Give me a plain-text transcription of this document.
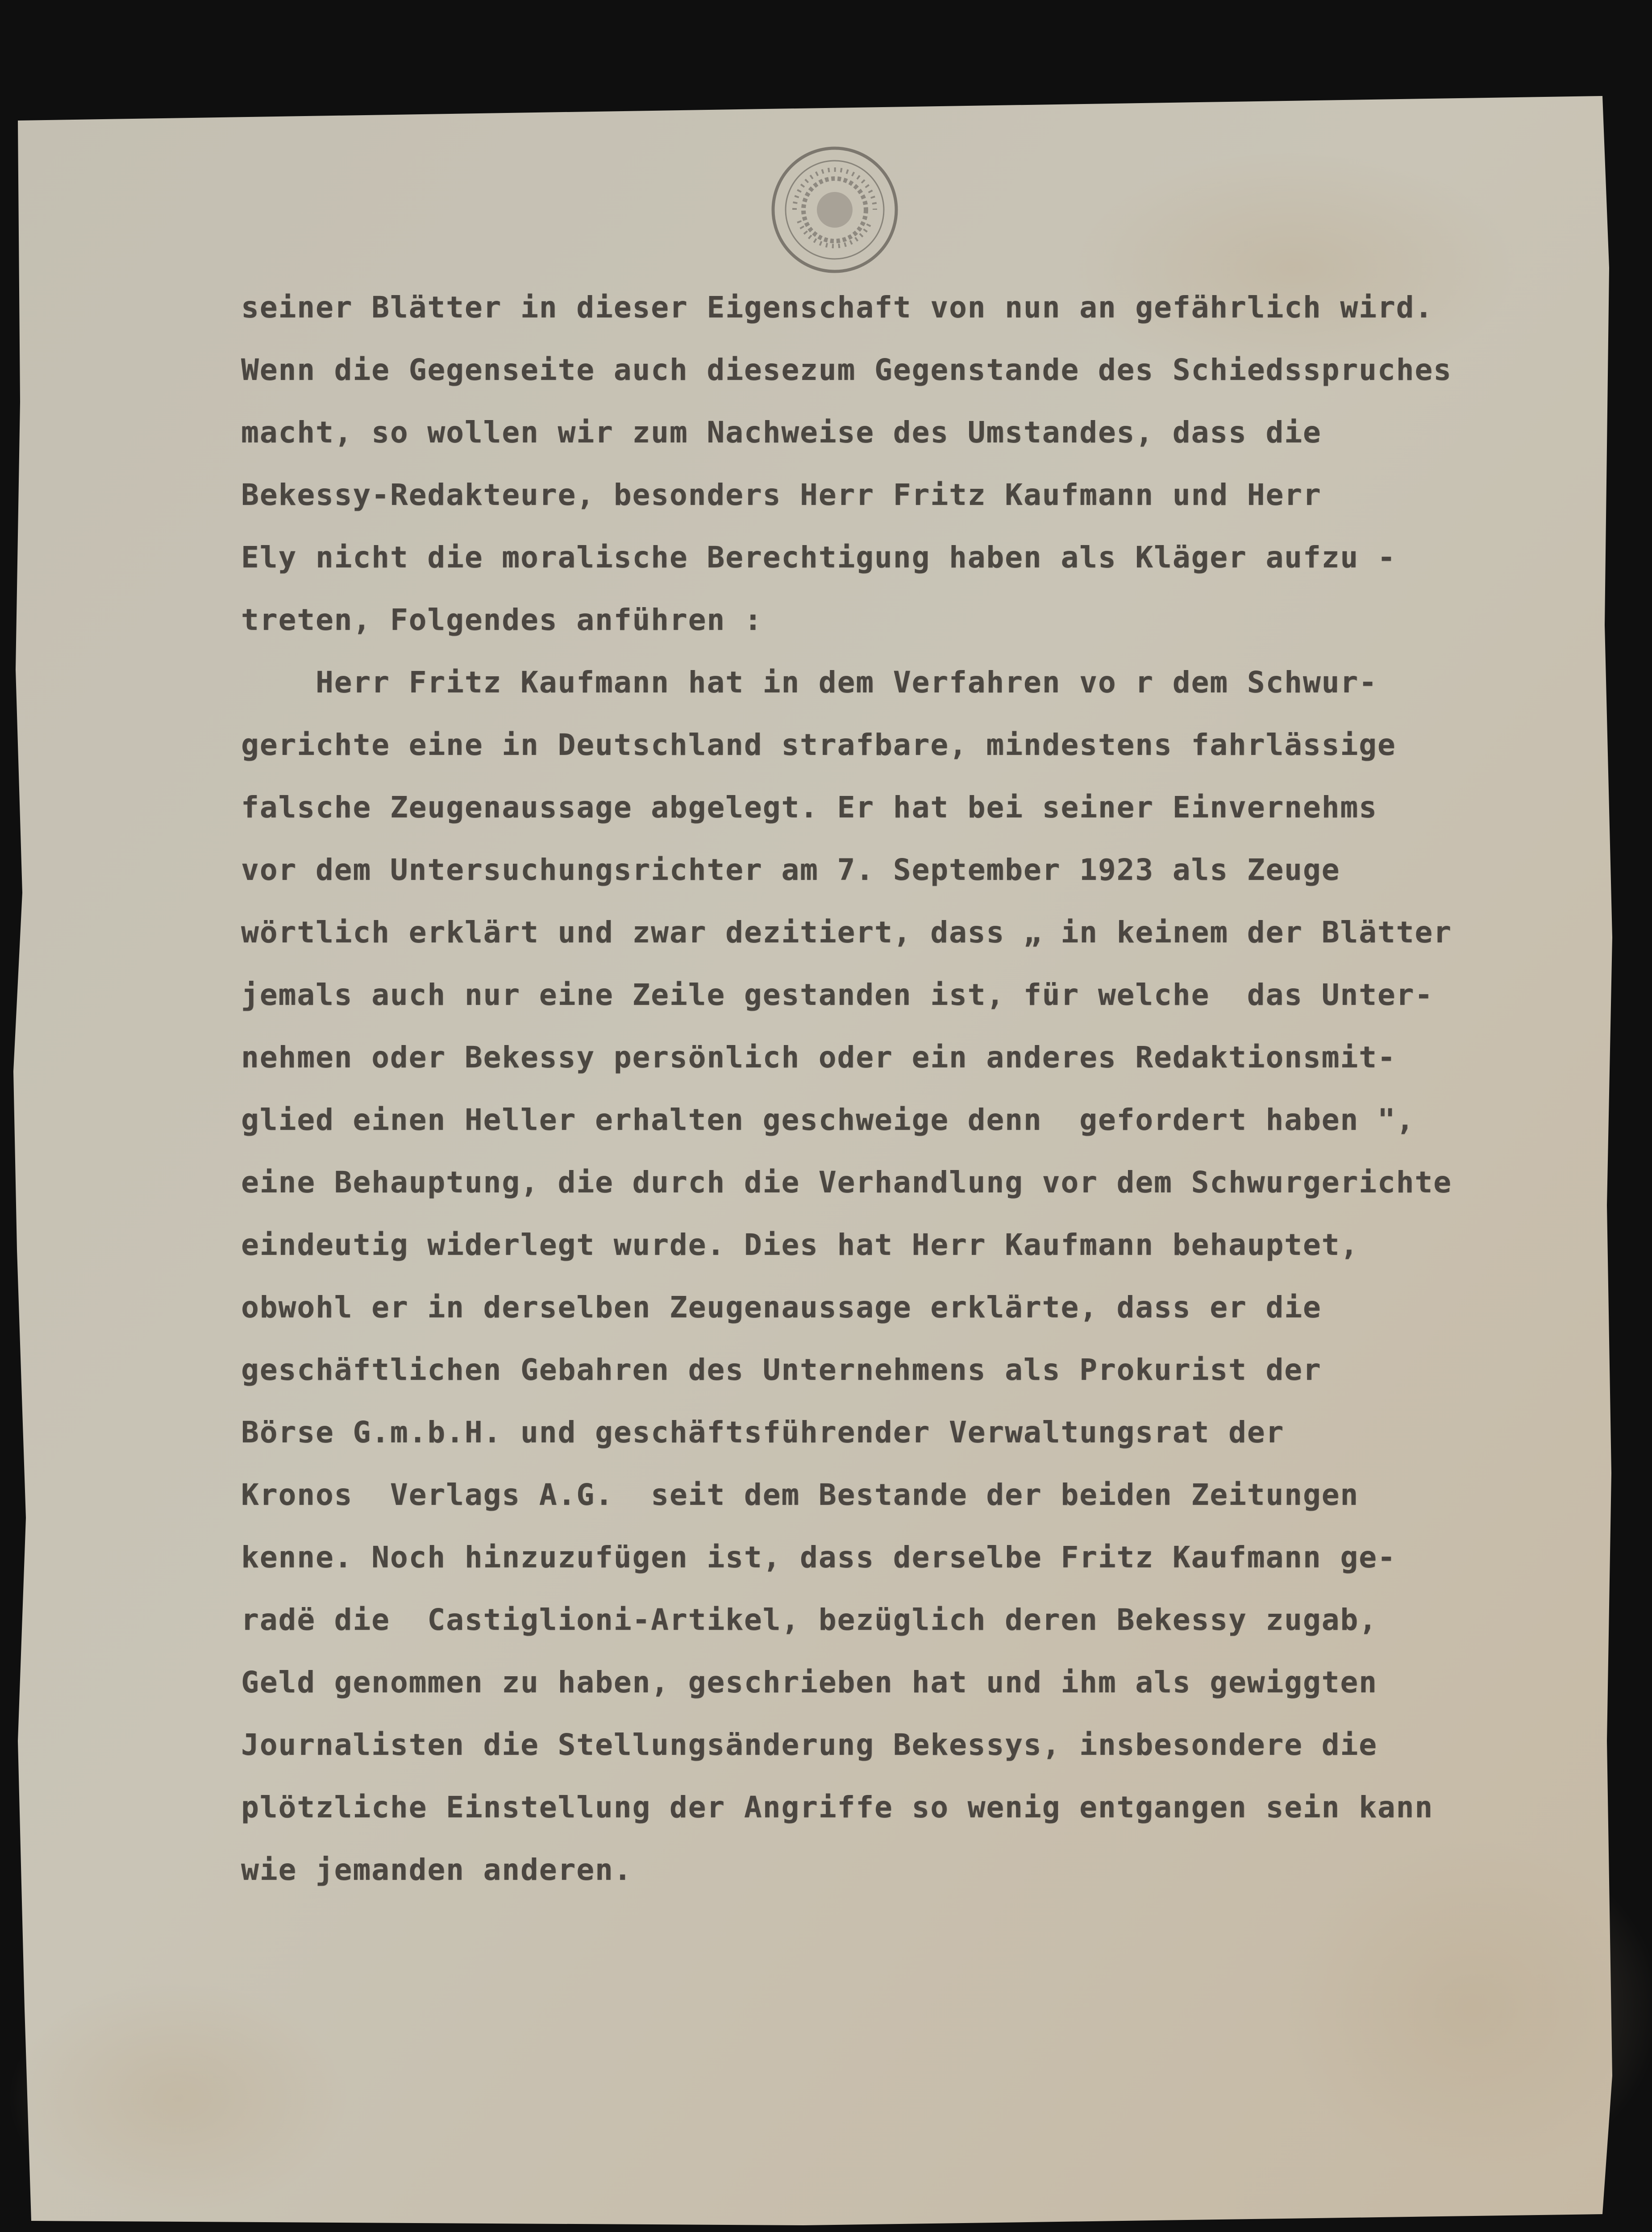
seiner Blätter in dieser Eigenschaft von nun an gefährlich wird.
Wenn die Gegenseite auch diesezum Gegenstande des Schiedsspruches
macht, so wollen wir zum Nachweise des Umstandes, dass die
Bekessy-Redakteure, besonders Herr Fritz Kaufmann und Herr
Ely nicht die moralische Berechtigung haben als Kläger aufzu -
treten, Folgendes anführen :
Herr Fritz Kaufmann hat in dem Verfahren vo r dem Schwur-
gerichte eine in Deutschland strafbare, mindestens fahrlässige
falsche Zeugenaussage abgelegt. Er hat bei seiner Einvernehms
vor dem Untersuchungsrichter am 7. September 1923 als Zeuge
wörtlich erklärt und zwar dezitiert, dass „ in keinem der Blätter
jemals auch nur eine Zeile gestanden ist, für welche  das Unter-
nehmen oder Bekessy persönlich oder ein anderes Redaktionsmit-
glied einen Heller erhalten geschweige denn  gefordert haben ",
eine Behauptung, die durch die Verhandlung vor dem Schwurgerichte
eindeutig widerlegt wurde. Dies hat Herr Kaufmann behauptet,
obwohl er in derselben Zeugenaussage erklärte, dass er die
geschäftlichen Gebahren des Unternehmens als Prokurist der
Börse G.m.b.H. und geschäftsführender Verwaltungsrat der
Kronos  Verlags A.G.  seit dem Bestande der beiden Zeitungen
kenne. Noch hinzuzufügen ist, dass derselbe Fritz Kaufmann ge-
radë die  Castiglioni-Artikel, bezüglich deren Bekessy zugab,
Geld genommen zu haben, geschrieben hat und ihm als gewiggten
Journalisten die Stellungsänderung Bekessys, insbesondere die
plötzliche Einstellung der Angriffe so wenig entgangen sein kann
wie jemanden anderen.
